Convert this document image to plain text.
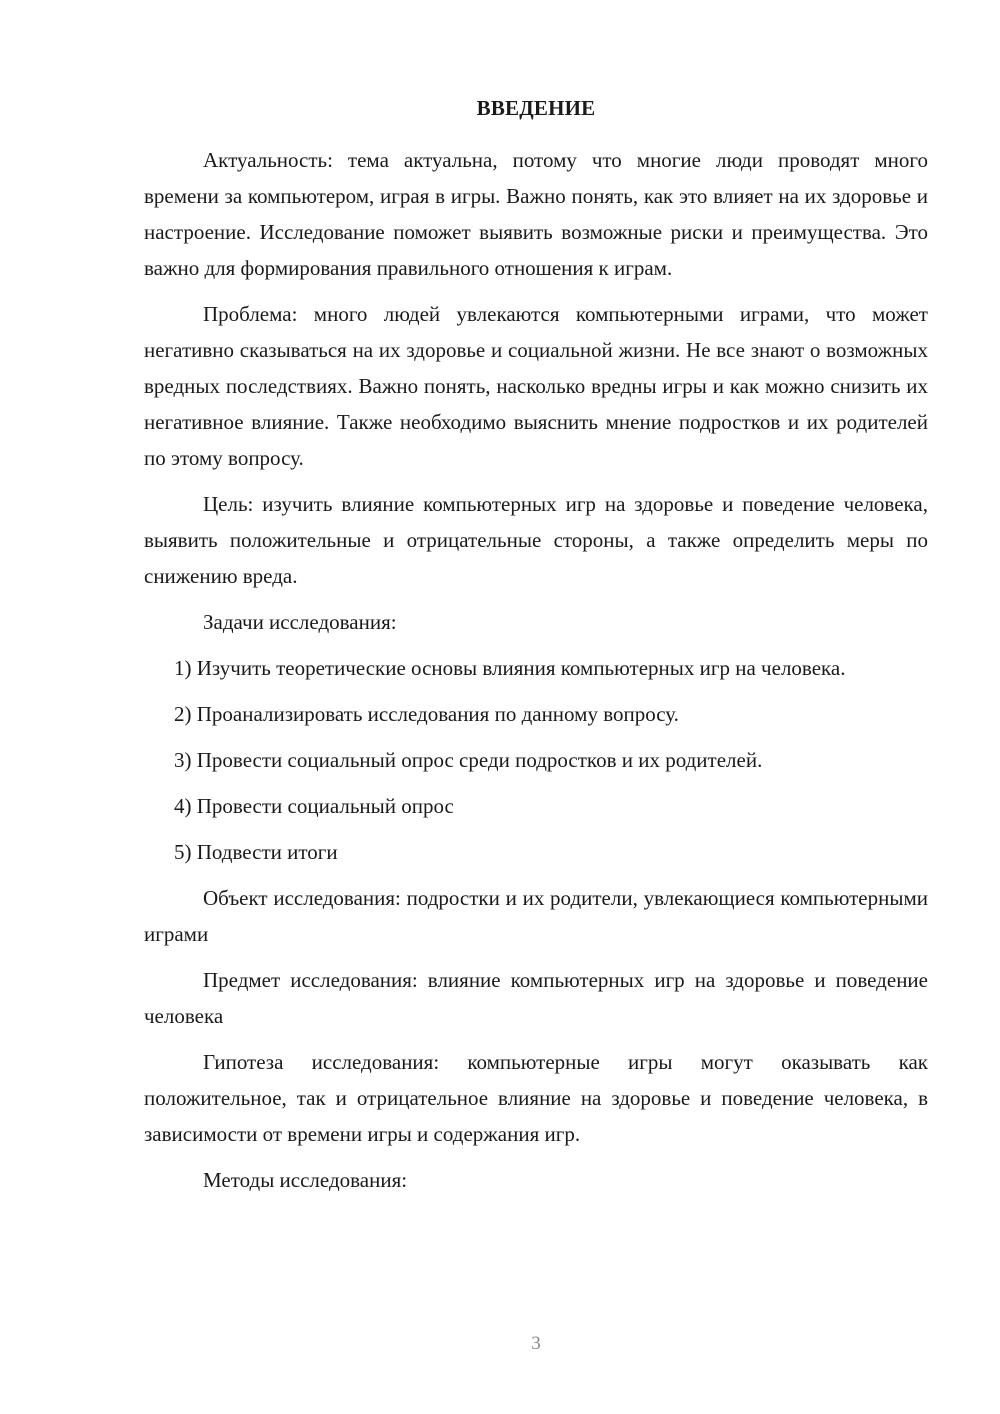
ВВЕДЕНИЕ

Актуальность: тема актуальна, потому что многие люди проводят много времени за компьютером, играя в игры. Важно понять, как это влияет на их здоровье и настроение. Исследование поможет выявить возможные риски и преимущества. Это важно для формирования правильного отношения к играм.

Проблема: много людей увлекаются компьютерными играми, что может негативно сказываться на их здоровье и социальной жизни. Не все знают о возможных вредных последствиях. Важно понять, насколько вредны игры и как можно снизить их негативное влияние. Также необходимо выяснить мнение подростков и их родителей по этому вопросу.

Цель: изучить влияние компьютерных игр на здоровье и поведение человека, выявить положительные и отрицательные стороны, а также определить меры по снижению вреда.

Задачи исследования:

1) Изучить теоретические основы влияния компьютерных игр на человека.

2) Проанализировать исследования по данному вопросу.

3) Провести социальный опрос среди подростков и их родителей.

4) Провести социальный опрос

5) Подвести итоги

Объект исследования: подростки и их родители, увлекающиеся компьютерными играми

Предмет исследования: влияние компьютерных игр на здоровье и поведение человека

Гипотеза исследования: компьютерные игры могут оказывать как положительное, так и отрицательное влияние на здоровье и поведение человека, в зависимости от времени игры и содержания игр.

Методы исследования:

3
